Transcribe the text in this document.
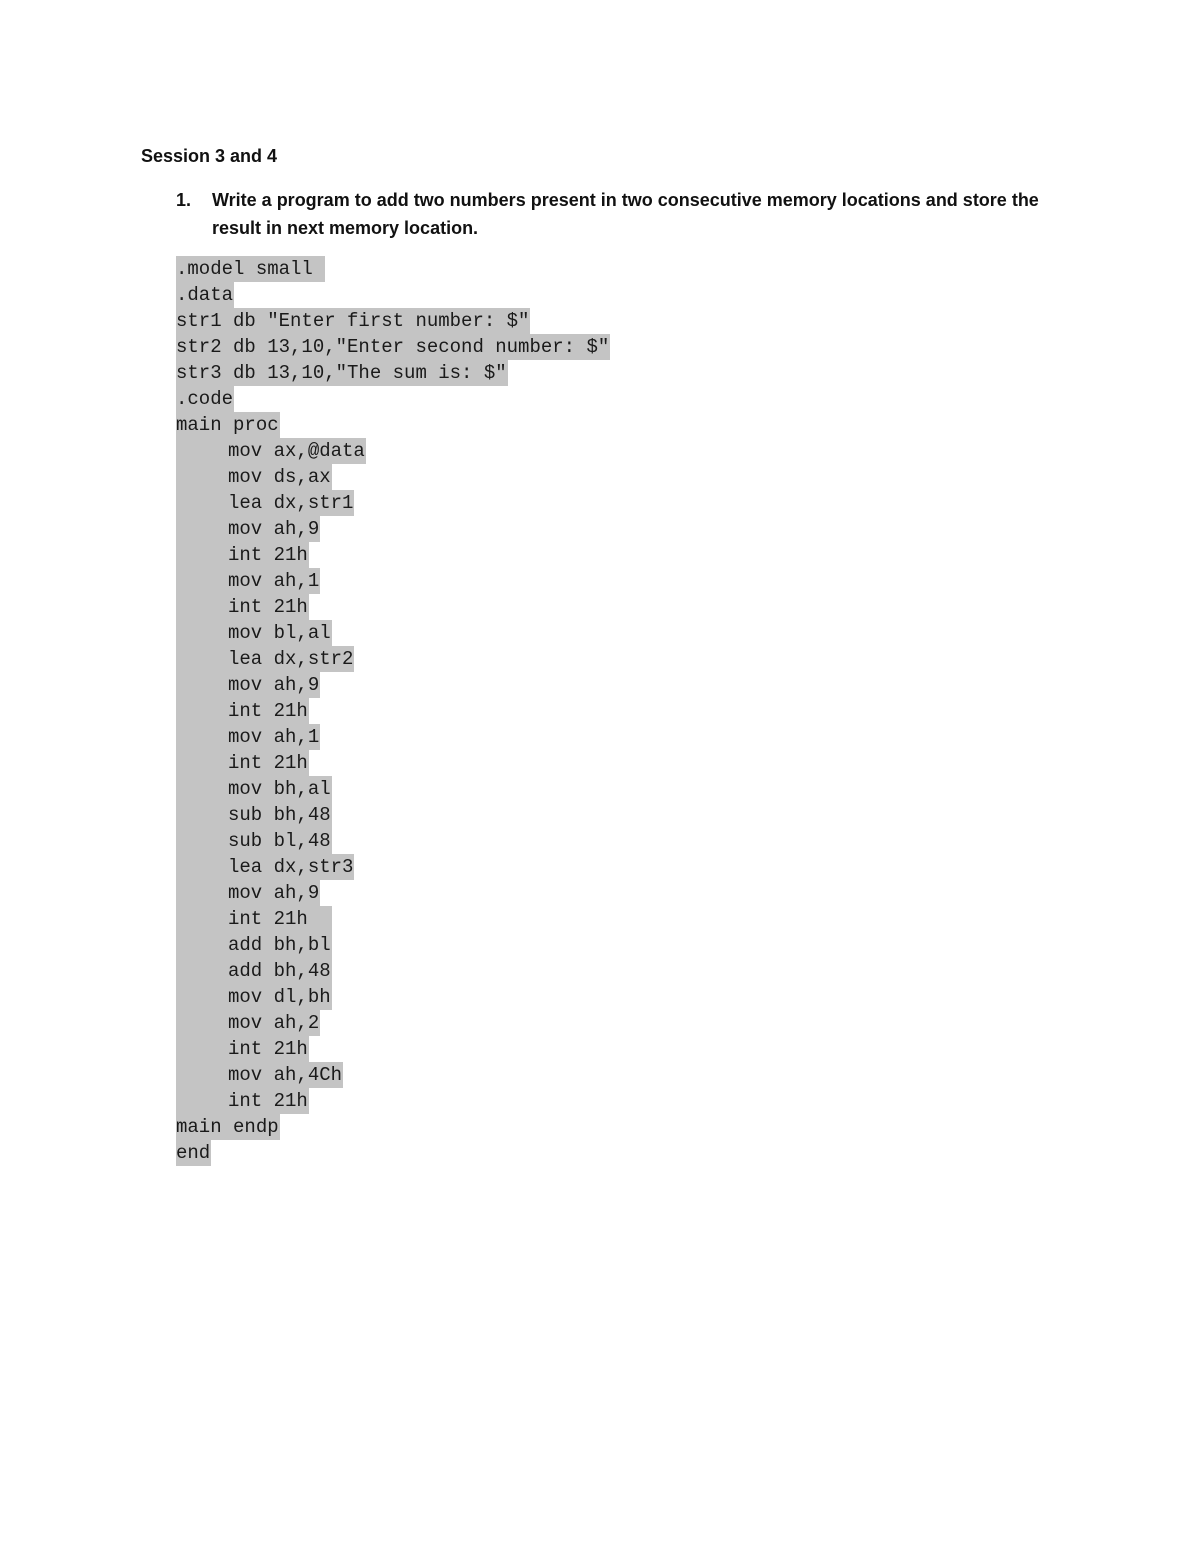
Session 3 and 4
1. Write a program to add two numbers present in two consecutive memory locations and store the result in next memory location.
.model small
.data
str1 db "Enter first number: $"
str2 db 13,10,"Enter second number: $"
str3 db 13,10,"The sum is: $"
.code
main proc
mov ax,@data
mov ds,ax
lea dx,str1
mov ah,9
int 21h
mov ah,1
int 21h
mov bl,al
lea dx,str2
mov ah,9
int 21h
mov ah,1
int 21h
mov bh,al
sub bh,48
sub bl,48
lea dx,str3
mov ah,9
int 21h
add bh,bl
add bh,48
mov dl,bh
mov ah,2
int 21h
mov ah,4Ch
int 21h
main endp
end
